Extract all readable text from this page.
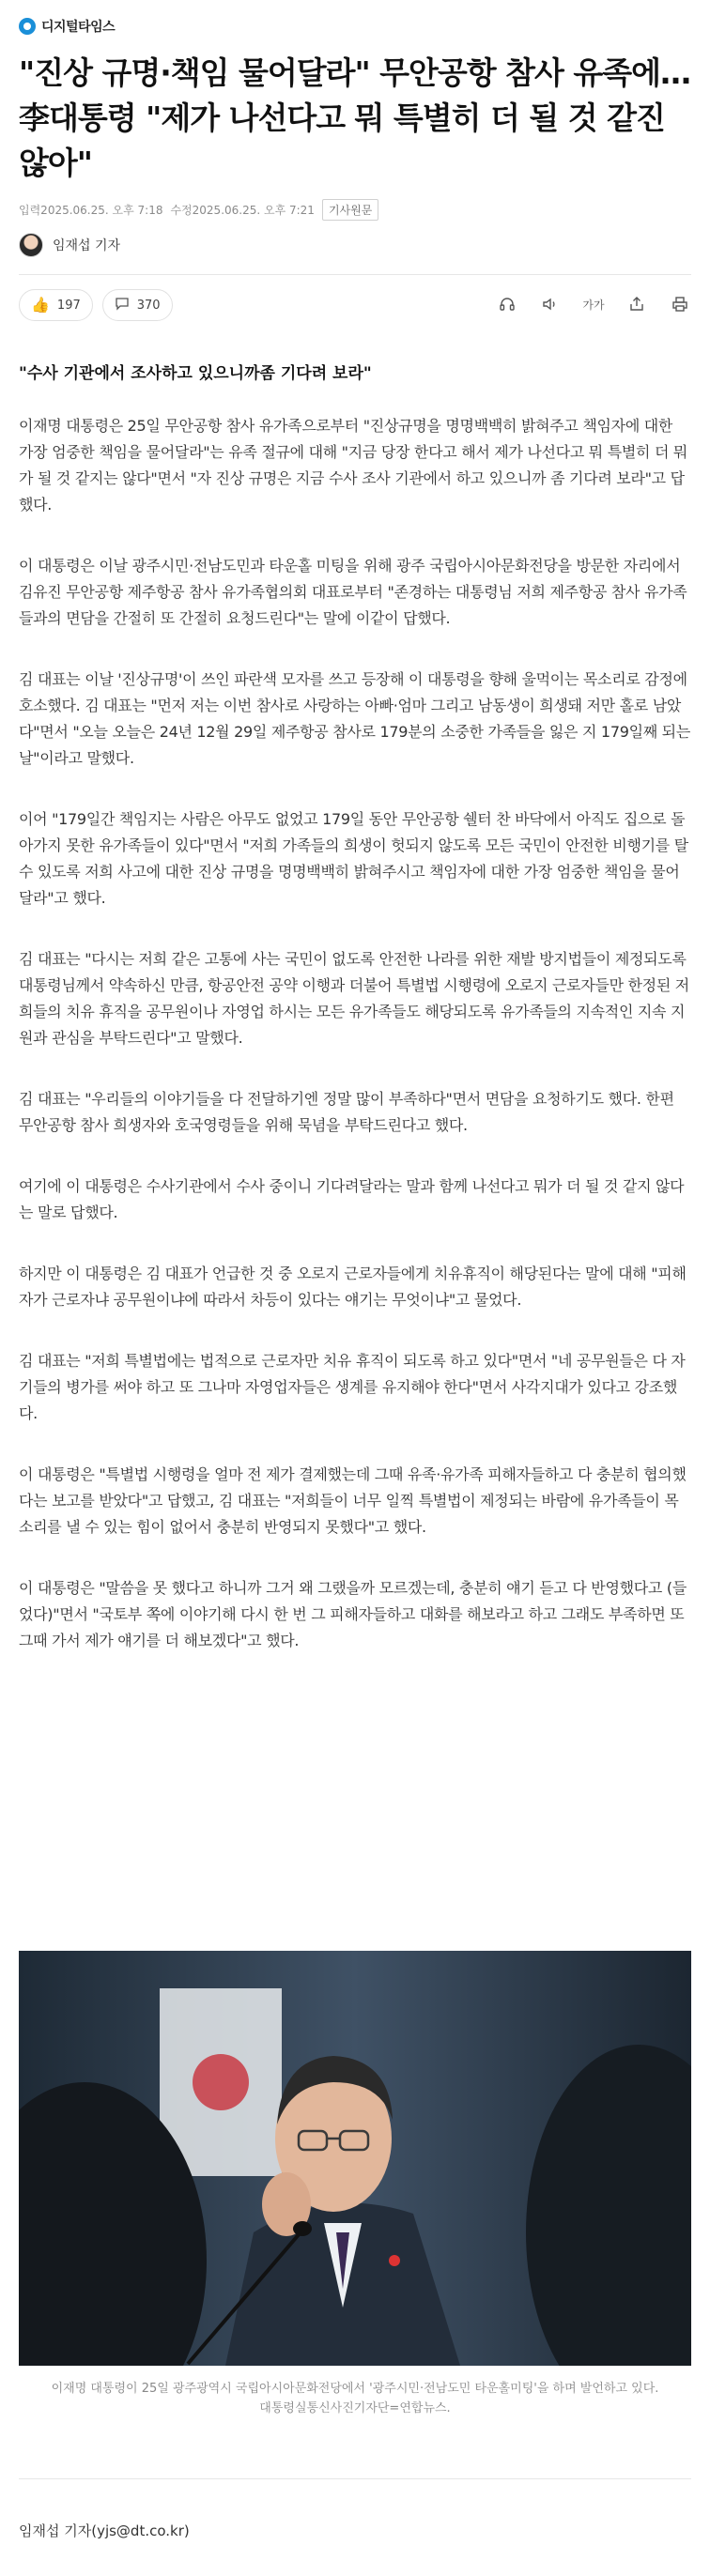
디지털타임스
"진상 규명·책임 물어달라" 무안공항 참사 유족에…李대통령 "제가 나선다고 뭐 특별히 더 될 것 같진 않아"
입력2025.06.25. 오후 7:18 수정2025.06.25. 오후 7:21	기사원문
임재섭 기자
👍 197	370	가가
"수사 기관에서 조사하고 있으니까좀 기다려 보라"

이재명 대통령은 25일 무안공항 참사 유가족으로부터 "진상규명을 명명백백히 밝혀주고 책임자에 대한 가장 엄중한 책임을 물어달라"는 유족 절규에 대해 "지금 당장 한다고 해서 제가 나선다고 뭐 특별히 더 뭐가 될 것 같지는 않다"면서 "자 진상 규명은 지금 수사 조사 기관에서 하고 있으니까 좀 기다려 보라"고 답했다.

이 대통령은 이날 광주시민·전남도민과 타운홀 미팅을 위해 광주 국립아시아문화전당을 방문한 자리에서 김유진 무안공항 제주항공 참사 유가족협의회 대표로부터 "존경하는 대통령님 저희 제주항공 참사 유가족들과의 면담을 간절히 또 간절히 요청드린다"는 말에 이같이 답했다.

김 대표는 이날 '진상규명'이 쓰인 파란색 모자를 쓰고 등장해 이 대통령을 향해 울먹이는 목소리로 감정에 호소했다. 김 대표는 "먼저 저는 이번 참사로 사랑하는 아빠·엄마 그리고 남동생이 희생돼 저만 홀로 남았다"면서 "오늘 오늘은 24년 12월 29일 제주항공 참사로 179분의 소중한 가족들을 잃은 지 179일째 되는 날"이라고 말했다.

이어 "179일간 책임지는 사람은 아무도 없었고 179일 동안 무안공항 쉘터 찬 바닥에서 아직도 집으로 돌아가지 못한 유가족들이 있다"면서 "저희 가족들의 희생이 헛되지 않도록 모든 국민이 안전한 비행기를 탈 수 있도록 저희 사고에 대한 진상 규명을 명명백백히 밝혀주시고 책임자에 대한 가장 엄중한 책임을 물어달라"고 했다.

김 대표는 "다시는 저희 같은 고통에 사는 국민이 없도록 안전한 나라를 위한 재발 방지법들이 제정되도록 대통령님께서 약속하신 만큼, 항공안전 공약 이행과 더불어 특별법 시행령에 오로지 근로자들만 한정된 저희들의 치유 휴직을 공무원이나 자영업 하시는 모든 유가족들도 해당되도록 유가족들의 지속적인 지속 지원과 관심을 부탁드린다"고 말했다.

김 대표는 "우리들의 이야기들을 다 전달하기엔 정말 많이 부족하다"면서 면담을 요청하기도 했다. 한편 무안공항 참사 희생자와 호국영령들을 위해 묵념을 부탁드린다고 했다.

여기에 이 대통령은 수사기관에서 수사 중이니 기다려달라는 말과 함께 나선다고 뭐가 더 될 것 같지 않다는 말로 답했다.

하지만 이 대통령은 김 대표가 언급한 것 중 오로지 근로자들에게 치유휴직이 해당된다는 말에 대해 "피해자가 근로자냐 공무원이냐에 따라서 차등이 있다는 얘기는 무엇이냐"고 물었다.

김 대표는 "저희 특별법에는 법적으로 근로자만 치유 휴직이 되도록 하고 있다"면서 "네 공무원들은 다 자기들의 병가를 써야 하고 또 그나마 자영업자들은 생계를 유지해야 한다"면서 사각지대가 있다고 강조했다.

이 대통령은 "특별법 시행령을 얼마 전 제가 결제했는데 그때 유족·유가족 피해자들하고 다 충분히 협의했다는 보고를 받았다"고 답했고, 김 대표는 "저희들이 너무 일찍 특별법이 제정되는 바람에 유가족들이 목소리를 낼 수 있는 힘이 없어서 충분히 반영되지 못했다"고 했다.

이 대통령은 "말씀을 못 했다고 하니까 그거 왜 그랬을까 모르겠는데, 충분히 얘기 듣고 다 반영했다고 (들었다)"면서 "국토부 쪽에 이야기해 다시 한 번 그 피해자들하고 대화를 해보라고 하고 그래도 부족하면 또 그때 가서 제가 얘기를 더 해보겠다"고 했다.

이재명 대통령이 25일 광주광역시 국립아시아문화전당에서 '광주시민·전남도민 타운홀미팅'을 하며 발언하고 있다. 대통령실통신사진기자단=연합뉴스.

임재섭 기자(yjs@dt.co.kr)
